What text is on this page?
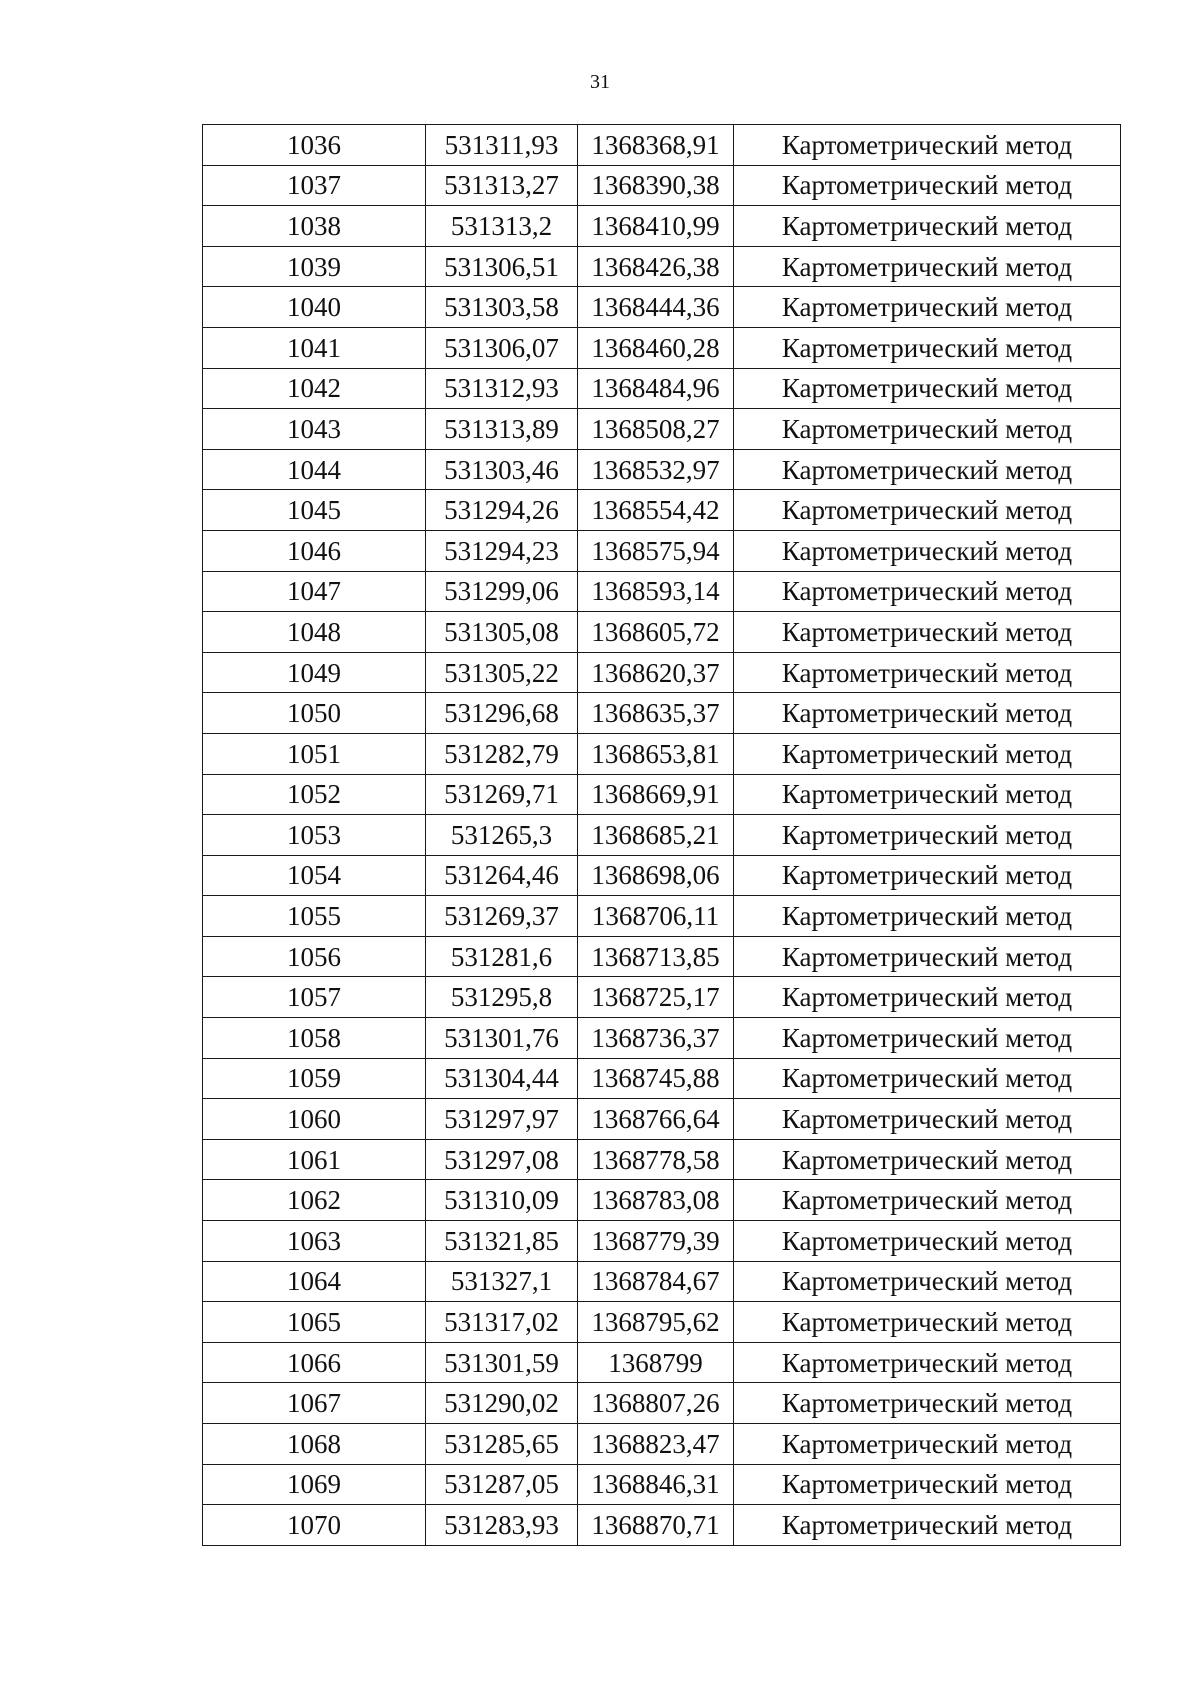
31
1036	531311,93	1368368,91	Картометрический метод
1037	531313,27	1368390,38	Картометрический метод
1038	531313,2	1368410,99	Картометрический метод
1039	531306,51	1368426,38	Картометрический метод
1040	531303,58	1368444,36	Картометрический метод
1041	531306,07	1368460,28	Картометрический метод
1042	531312,93	1368484,96	Картометрический метод
1043	531313,89	1368508,27	Картометрический метод
1044	531303,46	1368532,97	Картометрический метод
1045	531294,26	1368554,42	Картометрический метод
1046	531294,23	1368575,94	Картометрический метод
1047	531299,06	1368593,14	Картометрический метод
1048	531305,08	1368605,72	Картометрический метод
1049	531305,22	1368620,37	Картометрический метод
1050	531296,68	1368635,37	Картометрический метод
1051	531282,79	1368653,81	Картометрический метод
1052	531269,71	1368669,91	Картометрический метод
1053	531265,3	1368685,21	Картометрический метод
1054	531264,46	1368698,06	Картометрический метод
1055	531269,37	1368706,11	Картометрический метод
1056	531281,6	1368713,85	Картометрический метод
1057	531295,8	1368725,17	Картометрический метод
1058	531301,76	1368736,37	Картометрический метод
1059	531304,44	1368745,88	Картометрический метод
1060	531297,97	1368766,64	Картометрический метод
1061	531297,08	1368778,58	Картометрический метод
1062	531310,09	1368783,08	Картометрический метод
1063	531321,85	1368779,39	Картометрический метод
1064	531327,1	1368784,67	Картометрический метод
1065	531317,02	1368795,62	Картометрический метод
1066	531301,59	1368799	Картометрический метод
1067	531290,02	1368807,26	Картометрический метод
1068	531285,65	1368823,47	Картометрический метод
1069	531287,05	1368846,31	Картометрический метод
1070	531283,93	1368870,71	Картометрический метод
